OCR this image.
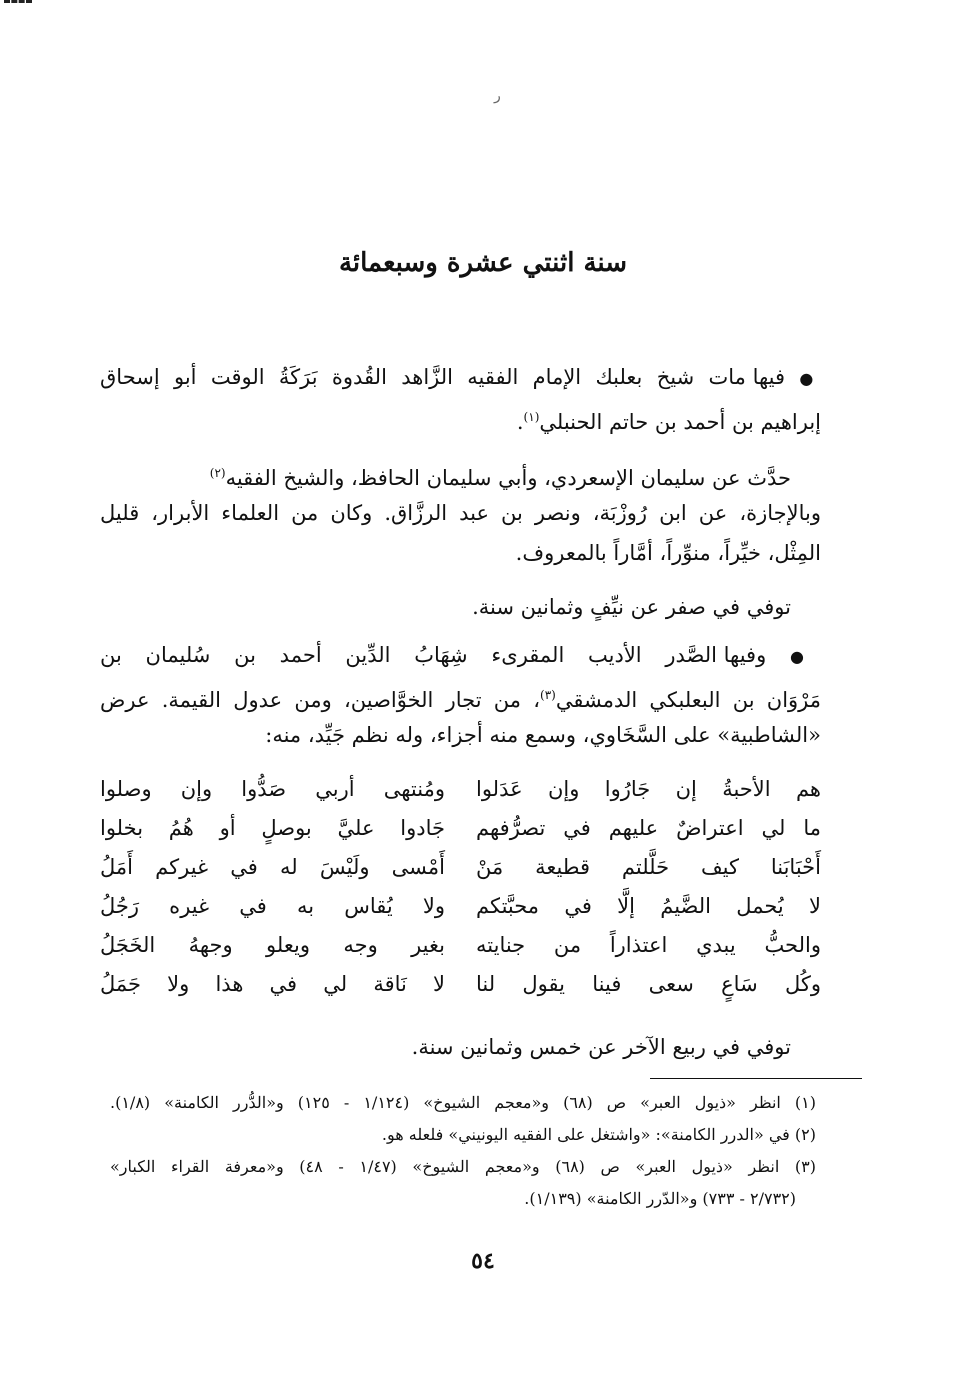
ر
سنة اثنتي عشرة وسبعمائة
● فيها مات شيخ بعلبك الإمام الفقيه الزَّاهد القُدوة بَرَكَةُ الوقت أبو إسحاق
إبراهيم بن أحمد بن حاتم الحنبلي$^{(١)}$.
حدَّث عن سليمان الإسعردي، وأبي سليمان الحافظ، والشيخ الفقيه$^{(٢)}$
وبالإجازة، عن ابن رُوزْبَة، ونصر بن عبد الرزَّاق. وكان من العلماء الأبرار، قليل
المِثْل، خيِّراً، منوِّراً، أمَّاراً بالمعروف.
توفي في صفر عن نيِّفٍ وثمانين سنة.
● وفيها الصَّدر الأديب المقرىء شِهَابُ الدِّين أحمد بن سُليمان بن
مَرْوَان بن البعلبكي الدمشقي$^{(٣)}$، من تجار الخوَّاصين، ومن عدول القيمة. عرض
«الشاطبية» على السَّخَاوي، وسمع منه أجزاء، وله نظم جَيِّد، منه:
هم الأحبةُ إن جَارُوا وإن عَدَلوا
ومُنتهى أربي صَدُّوا وإن وصلوا
ما لي اعتراضٌ عليهم في تصرُّفهم
جَادوا عليَّ بوصلٍ أو هُمُ بخلوا
أَحْبَابَنا كيف حَلَّلتم قطيعة مَنْ
أَمْسى ولَيْسَ له في غيركم أَمَلُ
لا يُحمل الضَّيمُ إلَّا في محبَّتكم
ولا يُقاس به في غيره رَجُلُ
والحبُّ يبدي اعتذاراً من جنايته
بغير وجه ويعلو وجههُ الخَجَلُ
وكُل سَاعٍ سعى فينا يقول لنا
لا نَاقة لي في هذا ولا جَمَلُ
توفي في ربيع الآخر عن خمس وثمانين سنة.
(١) انظر «ذيول العبر» ص (٦٨) و«معجم الشيوخ» (١/١٢٤ - ١٢٥) و«الدُّرر الكامنة» (١/٨).
(٢) في «الدرر الكامنة»: «واشتغل على الفقيه اليونيني» فلعله هو.
(٣) انظر «ذيول العبر» ص (٦٨) و«معجم الشيوخ» (١/٤٧ - ٤٨) و«معرفة القراء الكبار»
(٢/٧٣٢ - ٧٣٣) و«الدّرر الكامنة» (١/١٣٩).
٥٤
